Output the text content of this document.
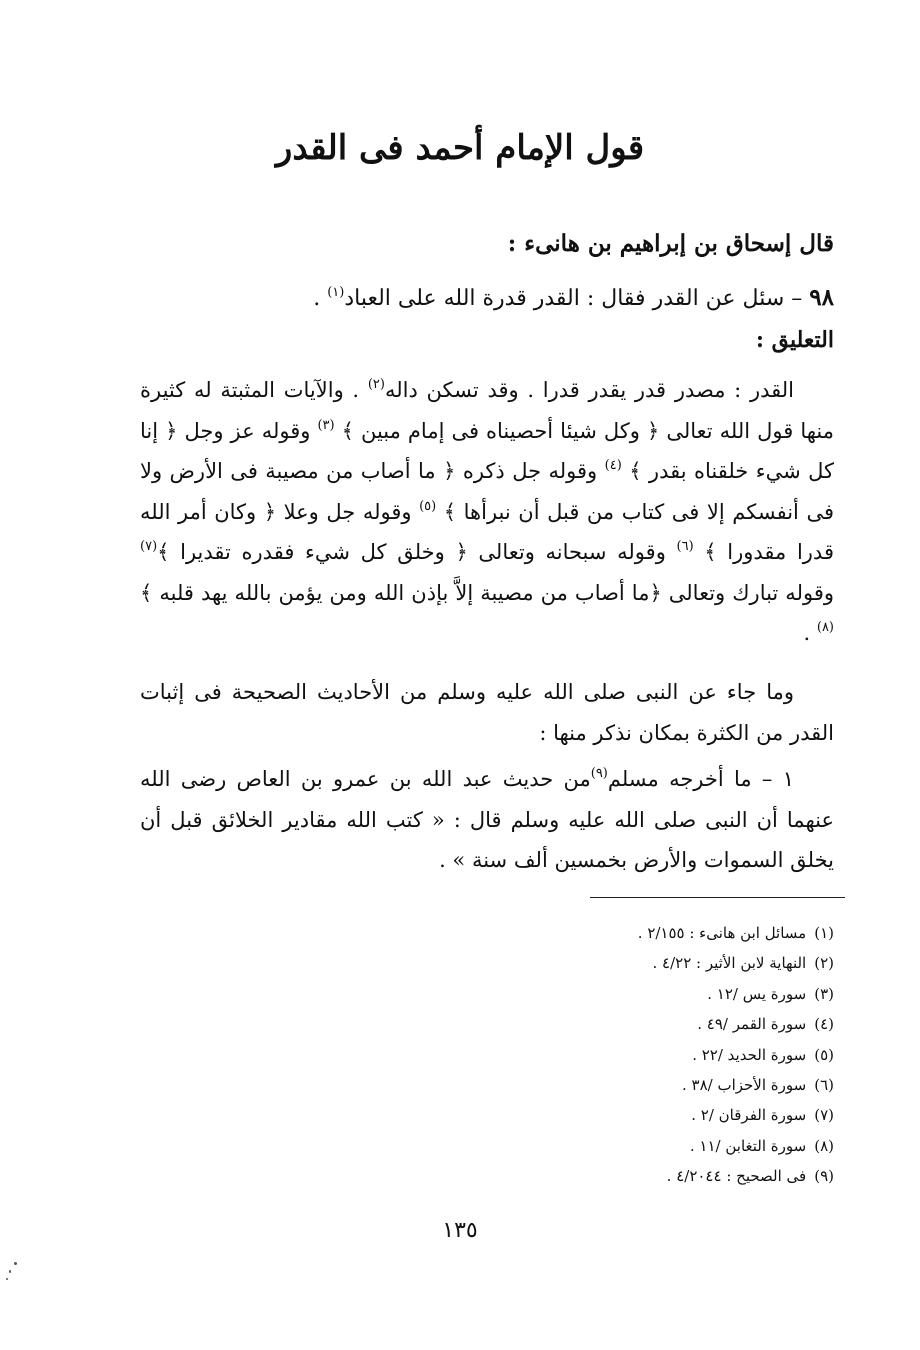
قول الإمام أحمد فى القدر

قال إسحاق بن إبراهيم بن هانىء :

٩٨ – سئل عن القدر فقال : القدر قدرة الله على العباد$^{(١)}$ .

التعليق :

القدر : مصدر قدر يقدر قدرا . وقد تسكن داله$^{(٢)}$ . والآيات المثبتة له كثيرة منها قول الله تعالى ﴿ وكل شيئا أحصيناه فى إمام مبين ﴾ $^{(٣)}$ وقوله عز وجل ﴿ إنا كل شيء خلقناه بقدر ﴾ $^{(٤)}$ وقوله جل ذكره ﴿ ما أصاب من مصيبة فى الأرض ولا فى أنفسكم إلا فى كتاب من قبل أن نبرأها ﴾ $^{(٥)}$ وقوله جل وعلا ﴿ وكان أمر الله قدرا مقدورا ﴾ $^{(٦)}$ وقوله سبحانه وتعالى ﴿ وخلق كل شيء فقدره تقديرا ﴾$^{(٧)}$ وقوله تبارك وتعالى ﴿ما أصاب من مصيبة إلاَّ بإذن الله ومن يؤمن بالله يهد قلبه ﴾ $^{(٨)}$ .

وما جاء عن النبى صلى الله عليه وسلم من الأحاديث الصحيحة فى إثبات القدر من الكثرة بمكان نذكر منها :

١ – ما أخرجه مسلم$^{(٩)}$من حديث عبد الله بن عمرو بن العاص رضى الله عنهما أن النبى صلى الله عليه وسلم قال : « كتب الله مقادير الخلائق قبل أن يخلق السموات والأرض بخمسين ألف سنة » .

(١)مسائل ابن هانىء : ٢/١٥٥ .
(٢)النهاية لابن الأثير : ٤/٢٢ .
(٣)سورة يس /١٢ .
(٤)سورة القمر /٤٩ .
(٥)سورة الحديد /٢٢ .
(٦)سورة الأحزاب /٣٨ .
(٧)سورة الفرقان /٢ .
(٨)سورة التغابن /١١ .
(٩)فى الصحيح : ٤/٢٠٤٤ .

١٣٥
